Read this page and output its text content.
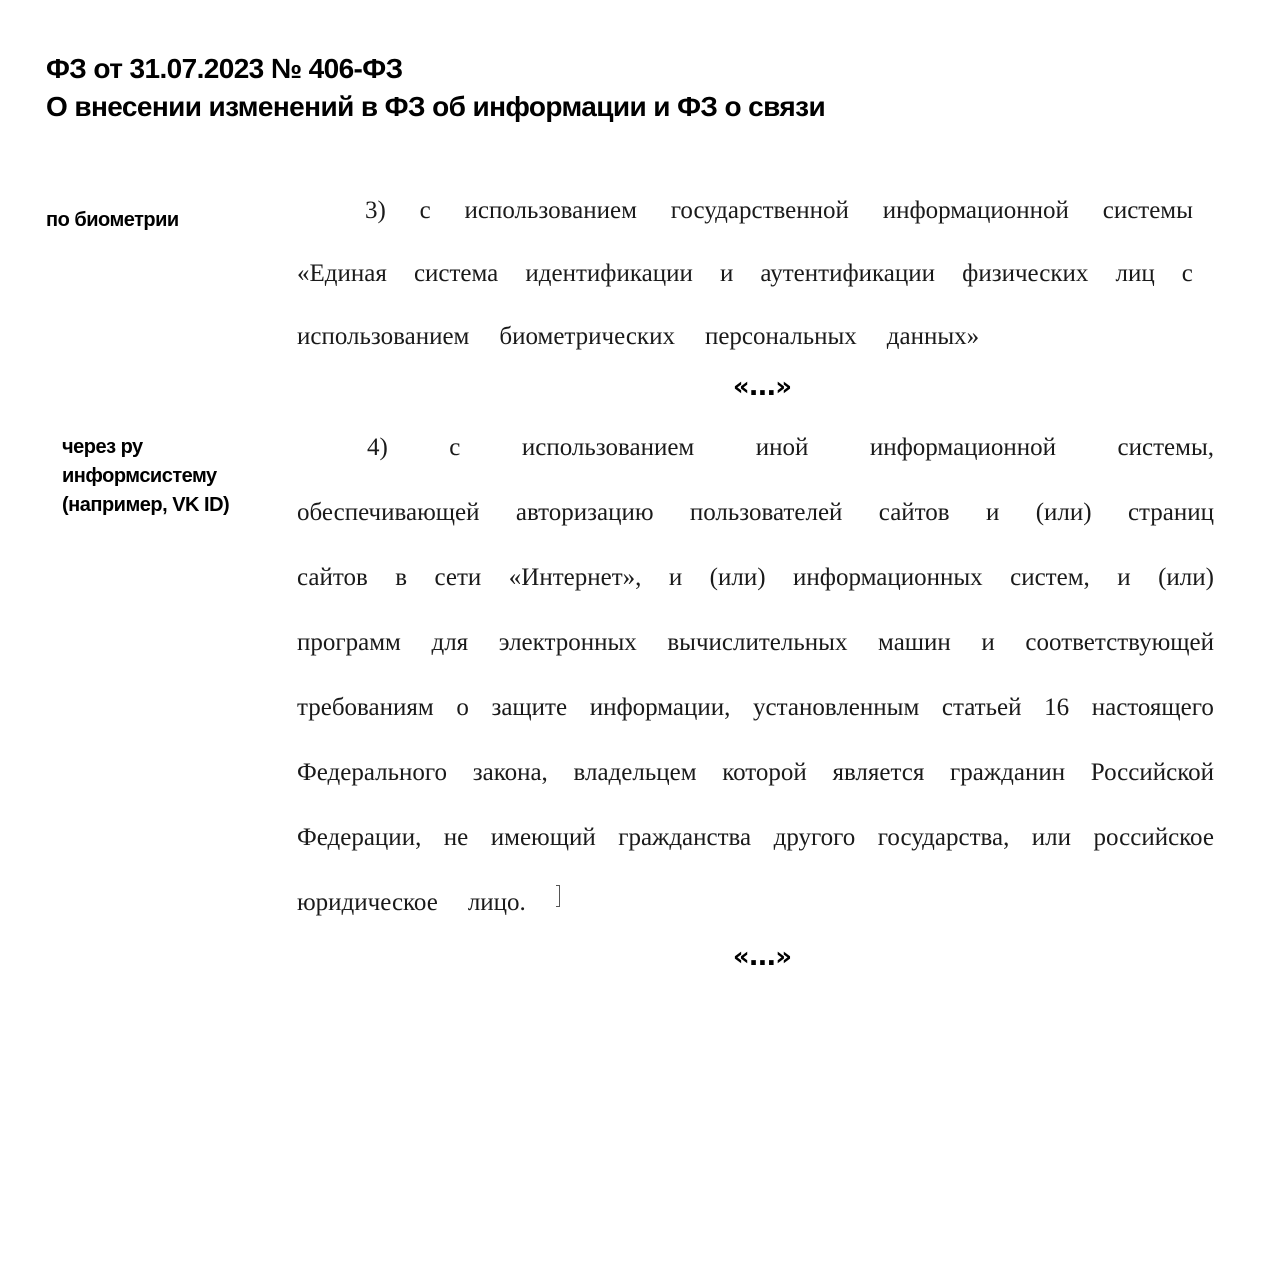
ФЗ от 31.07.2023 № 406-ФЗ
О внесении изменений в ФЗ об информации и ФЗ о связи
по биометрии
через ру информсистему (например, VK ID)
3) с использованием государственной информационной системы
«Единая система идентификации и аутентификации физических лиц с
использованием биометрических персональных данных»
«...»
4) с использованием иной информационной системы,
обеспечивающей авторизацию пользователей сайтов и (или) страниц
сайтов в сети «Интернет», и (или) информационных систем, и (или)
программ для электронных вычислительных машин и соответствующей
требованиям о защите информации, установленным статьей 16 настоящего
Федерального закона, владельцем которой является гражданин Российской
Федерации, не имеющий гражданства другого государства, или российское
юридическое лицо.
«...»
